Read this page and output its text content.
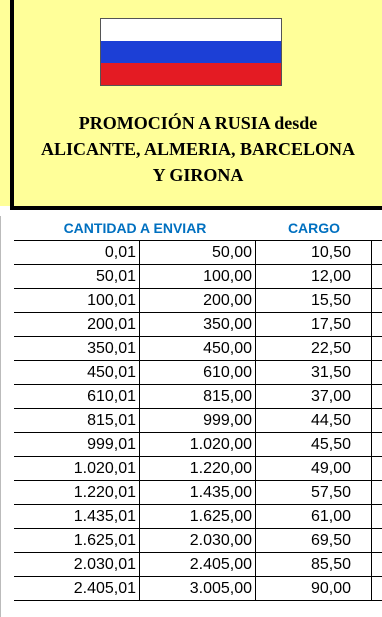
PROMOCIÓN A RUSIA desde
ALICANTE, ALMERIA, BARCELONA
Y GIRONA
CANTIDAD A ENVIAR	CARGO
0,01	50,00	10,50
50,01	100,00	12,00
100,01	200,00	15,50
200,01	350,00	17,50
350,01	450,00	22,50
450,01	610,00	31,50
610,01	815,00	37,00
815,01	999,00	44,50
999,01	1.020,00	45,50
1.020,01	1.220,00	49,00
1.220,01	1.435,00	57,50
1.435,01	1.625,00	61,00
1.625,01	2.030,00	69,50
2.030,01	2.405,00	85,50
2.405,01	3.005,00	90,00
